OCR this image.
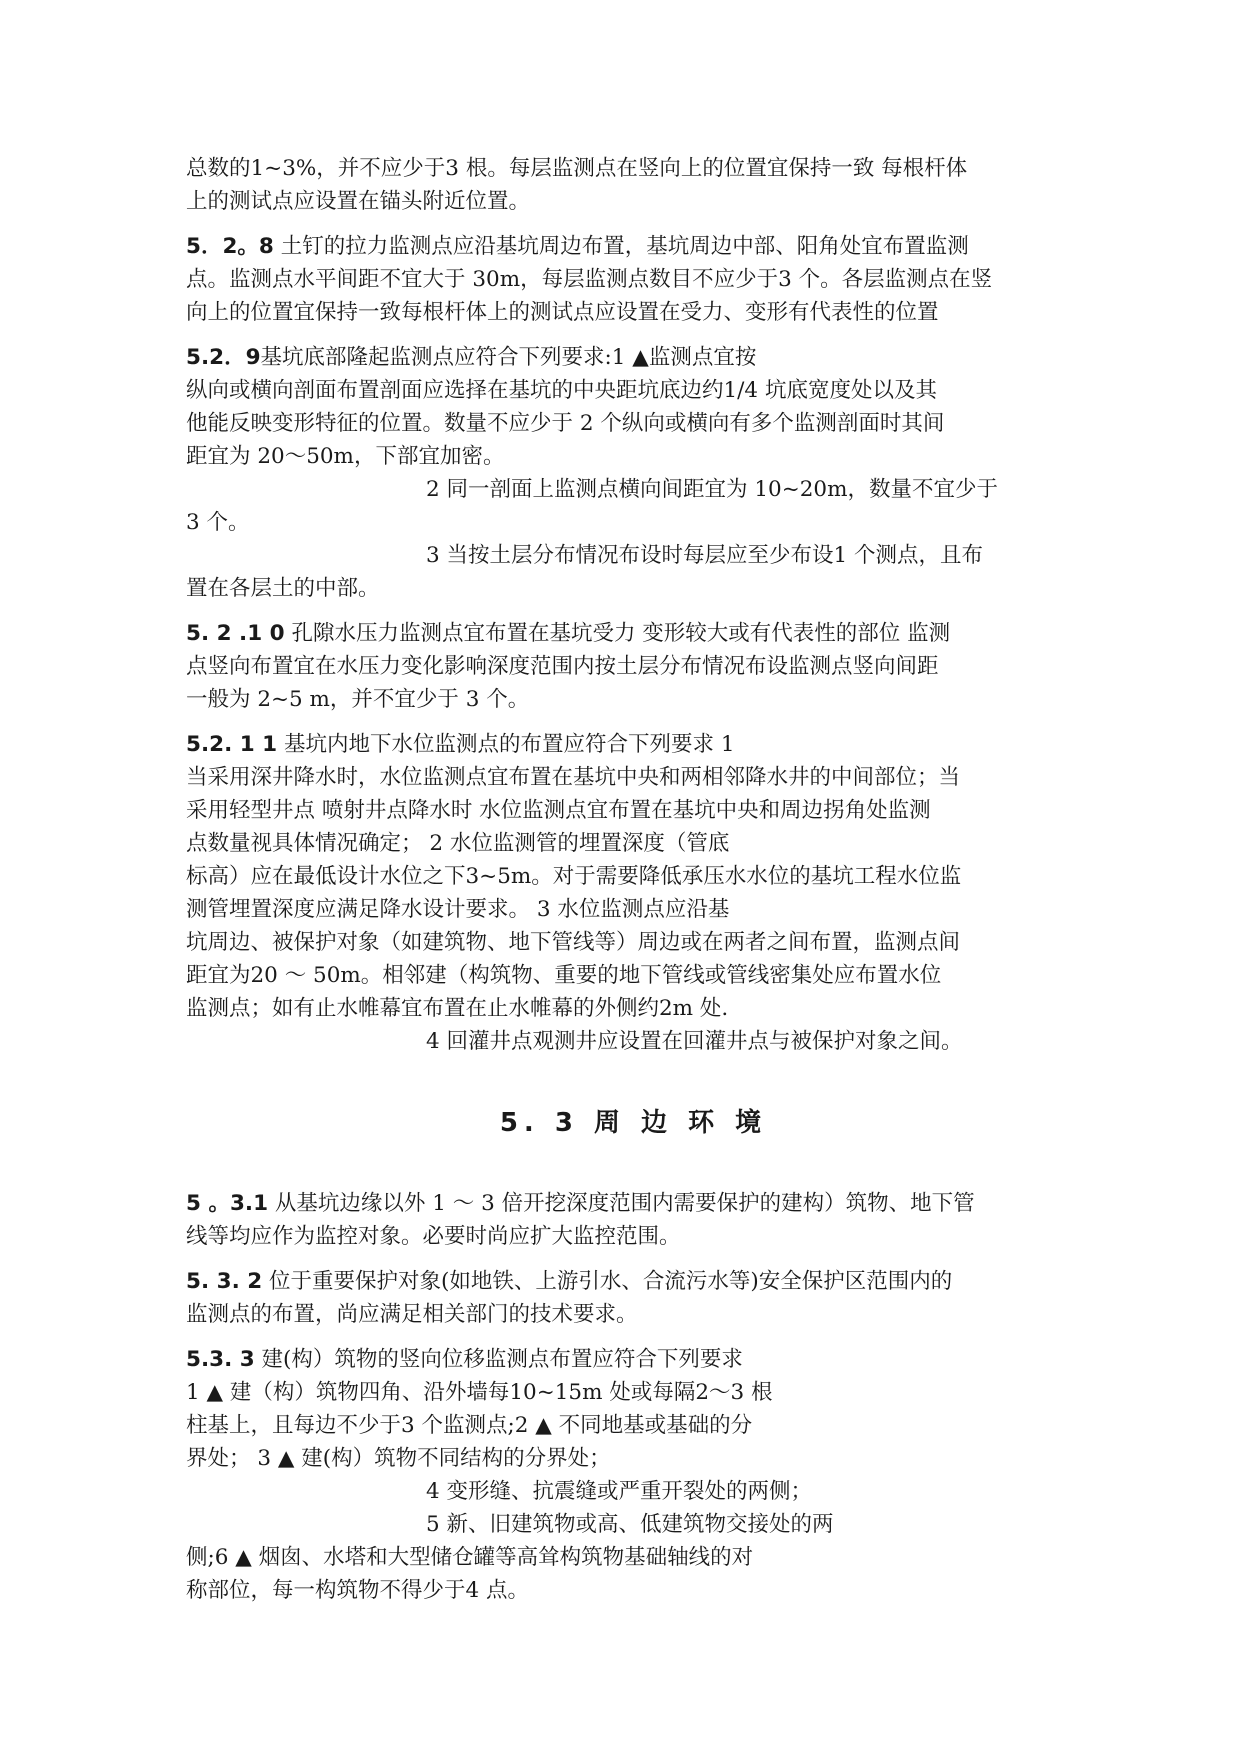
总数的1~3%，并不应少于3 根。每层监测点在竖向上的位置宜保持一致 每根杆体
上的测试点应设置在锚头附近位置。
5．2。8 土钉的拉力监测点应沿基坑周边布置，基坑周边中部、阳角处宜布置监测
点。监测点水平间距不宜大于 30m，每层监测点数目不应少于3 个。各层监测点在竖
向上的位置宜保持一致每根杆体上的测试点应设置在受力、变形有代表性的位置
5.2．9基坑底部隆起监测点应符合下列要求:1 ▲监测点宜按
纵向或横向剖面布置剖面应选择在基坑的中央距坑底边约1/4 坑底宽度处以及其
他能反映变形特征的位置。数量不应少于 2 个纵向或横向有多个监测剖面时其间
距宜为 20～50m，下部宜加密。
2 同一剖面上监测点横向间距宜为 10~20m，数量不宜少于
3 个。
3 当按土层分布情况布设时每层应至少布设1 个测点，且布
置在各层土的中部。
5. 2 .1 0 孔隙水压力监测点宜布置在基坑受力 变形较大或有代表性的部位 监测
点竖向布置宜在水压力变化影响深度范围内按土层分布情况布设监测点竖向间距
一般为 2~5 m，并不宜少于 3 个。
5.2. 1 1 基坑内地下水位监测点的布置应符合下列要求 1
当采用深井降水时，水位监测点宜布置在基坑中央和两相邻降水井的中间部位；当
采用轻型井点 喷射井点降水时 水位监测点宜布置在基坑中央和周边拐角处监测
点数量视具体情况确定； 2 水位监测管的埋置深度（管底
标高）应在最低设计水位之下3~5m。对于需要降低承压水水位的基坑工程水位监
测管埋置深度应满足降水设计要求。 3 水位监测点应沿基
坑周边、被保护对象（如建筑物、地下管线等）周边或在两者之间布置，监测点间
距宜为20 ～ 50m。相邻建（构筑物、重要的地下管线或管线密集处应布置水位
监测点；如有止水帷幕宜布置在止水帷幕的外侧约2m 处.
4 回灌井点观测井应设置在回灌井点与被保护对象之间。
5. 3 周 边 环 境
5 。3.1 从基坑边缘以外 1 ～ 3 倍开挖深度范围内需要保护的建构）筑物、地下管
线等均应作为监控对象。必要时尚应扩大监控范围。
5. 3. 2 位于重要保护对象(如地铁、上游引水、合流污水等)安全保护区范围内的
监测点的布置，尚应满足相关部门的技术要求。
5.3. 3 建(构）筑物的竖向位移监测点布置应符合下列要求
1 ▲ 建（构）筑物四角、沿外墙每10~15m 处或每隔2～3 根
柱基上，且每边不少于3 个监测点;2 ▲ 不同地基或基础的分
界处； 3 ▲ 建(构）筑物不同结构的分界处；
4 变形缝、抗震缝或严重开裂处的两侧；
5 新、旧建筑物或高、低建筑物交接处的两
侧;6 ▲ 烟囱、水塔和大型储仓罐等高耸构筑物基础轴线的对
称部位，每一构筑物不得少于4 点。
